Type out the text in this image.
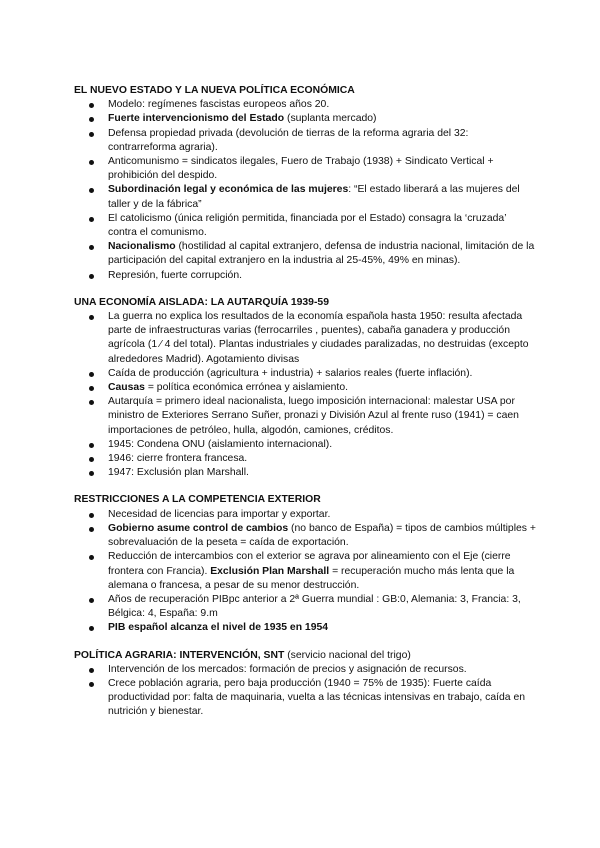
EL NUEVO ESTADO Y LA NUEVA POLÍTICA ECONÓMICA
Modelo: regímenes fascistas europeos años 20.
Fuerte intervencionismo del Estado (suplanta mercado)
Defensa propiedad privada (devolución de tierras de la reforma agraria del 32: contrarreforma agraria).
Anticomunismo = sindicatos ilegales, Fuero de Trabajo (1938) + Sindicato Vertical + prohibición del despido.
Subordinación legal y económica de las mujeres: “El estado liberará a las mujeres del taller y de la fábrica”
El catolicismo (única religión permitida, financiada por el Estado) consagra la ‘cruzada’ contra el comunismo.
Nacionalismo (hostilidad al capital extranjero, defensa de industria nacional, limitación de la participación del capital extranjero en la industria al 25-45%, 49% en minas).
Represión, fuerte corrupción.
UNA ECONOMÍA AISLADA: LA AUTARQUÍA 1939-59
La guerra no explica los resultados de la economía española hasta 1950: resulta afectada parte de infraestructuras varias (ferrocarriles , puentes), cabaña ganadera y producción agrícola (1 ⁄ 4 del total). Plantas industriales y ciudades paralizadas, no destruidas (excepto alrededores Madrid). Agotamiento divisas
Caída de producción (agricultura + industria) + salarios reales (fuerte inflación).
Causas = política económica errónea y aislamiento.
Autarquía = primero ideal nacionalista, luego imposición internacional: malestar USA por ministro de Exteriores Serrano Suñer, pronazi y División Azul al frente ruso (1941) = caen importaciones de petróleo, hulla, algodón, camiones, créditos.
1945: Condena ONU (aislamiento internacional).
1946: cierre frontera francesa.
1947: Exclusión plan Marshall.
RESTRICCIONES A LA COMPETENCIA EXTERIOR
Necesidad de licencias para importar y exportar.
Gobierno asume control de cambios (no banco de España) = tipos de cambios múltiples + sobrevaluación de la peseta = caída de exportación.
Reducción de intercambios con el exterior se agrava por alineamiento con el Eje (cierre frontera con Francia). Exclusión Plan Marshall = recuperación mucho más lenta que la alemana o francesa, a pesar de su menor destrucción.
Años de recuperación PIBpc anterior a 2ª Guerra mundial : GB:0, Alemania: 3, Francia: 3, Bélgica: 4, España: 9.m
PIB español alcanza el nivel de 1935 en 1954
POLÍTICA AGRARIA: INTERVENCIÓN, SNT (servicio nacional del trigo)
Intervención de los mercados: formación de precios y asignación de recursos.
Crece población agraria, pero baja producción (1940 = 75% de 1935): Fuerte caída productividad por: falta de maquinaria, vuelta a las técnicas intensivas en trabajo, caída en nutrición y bienestar.
